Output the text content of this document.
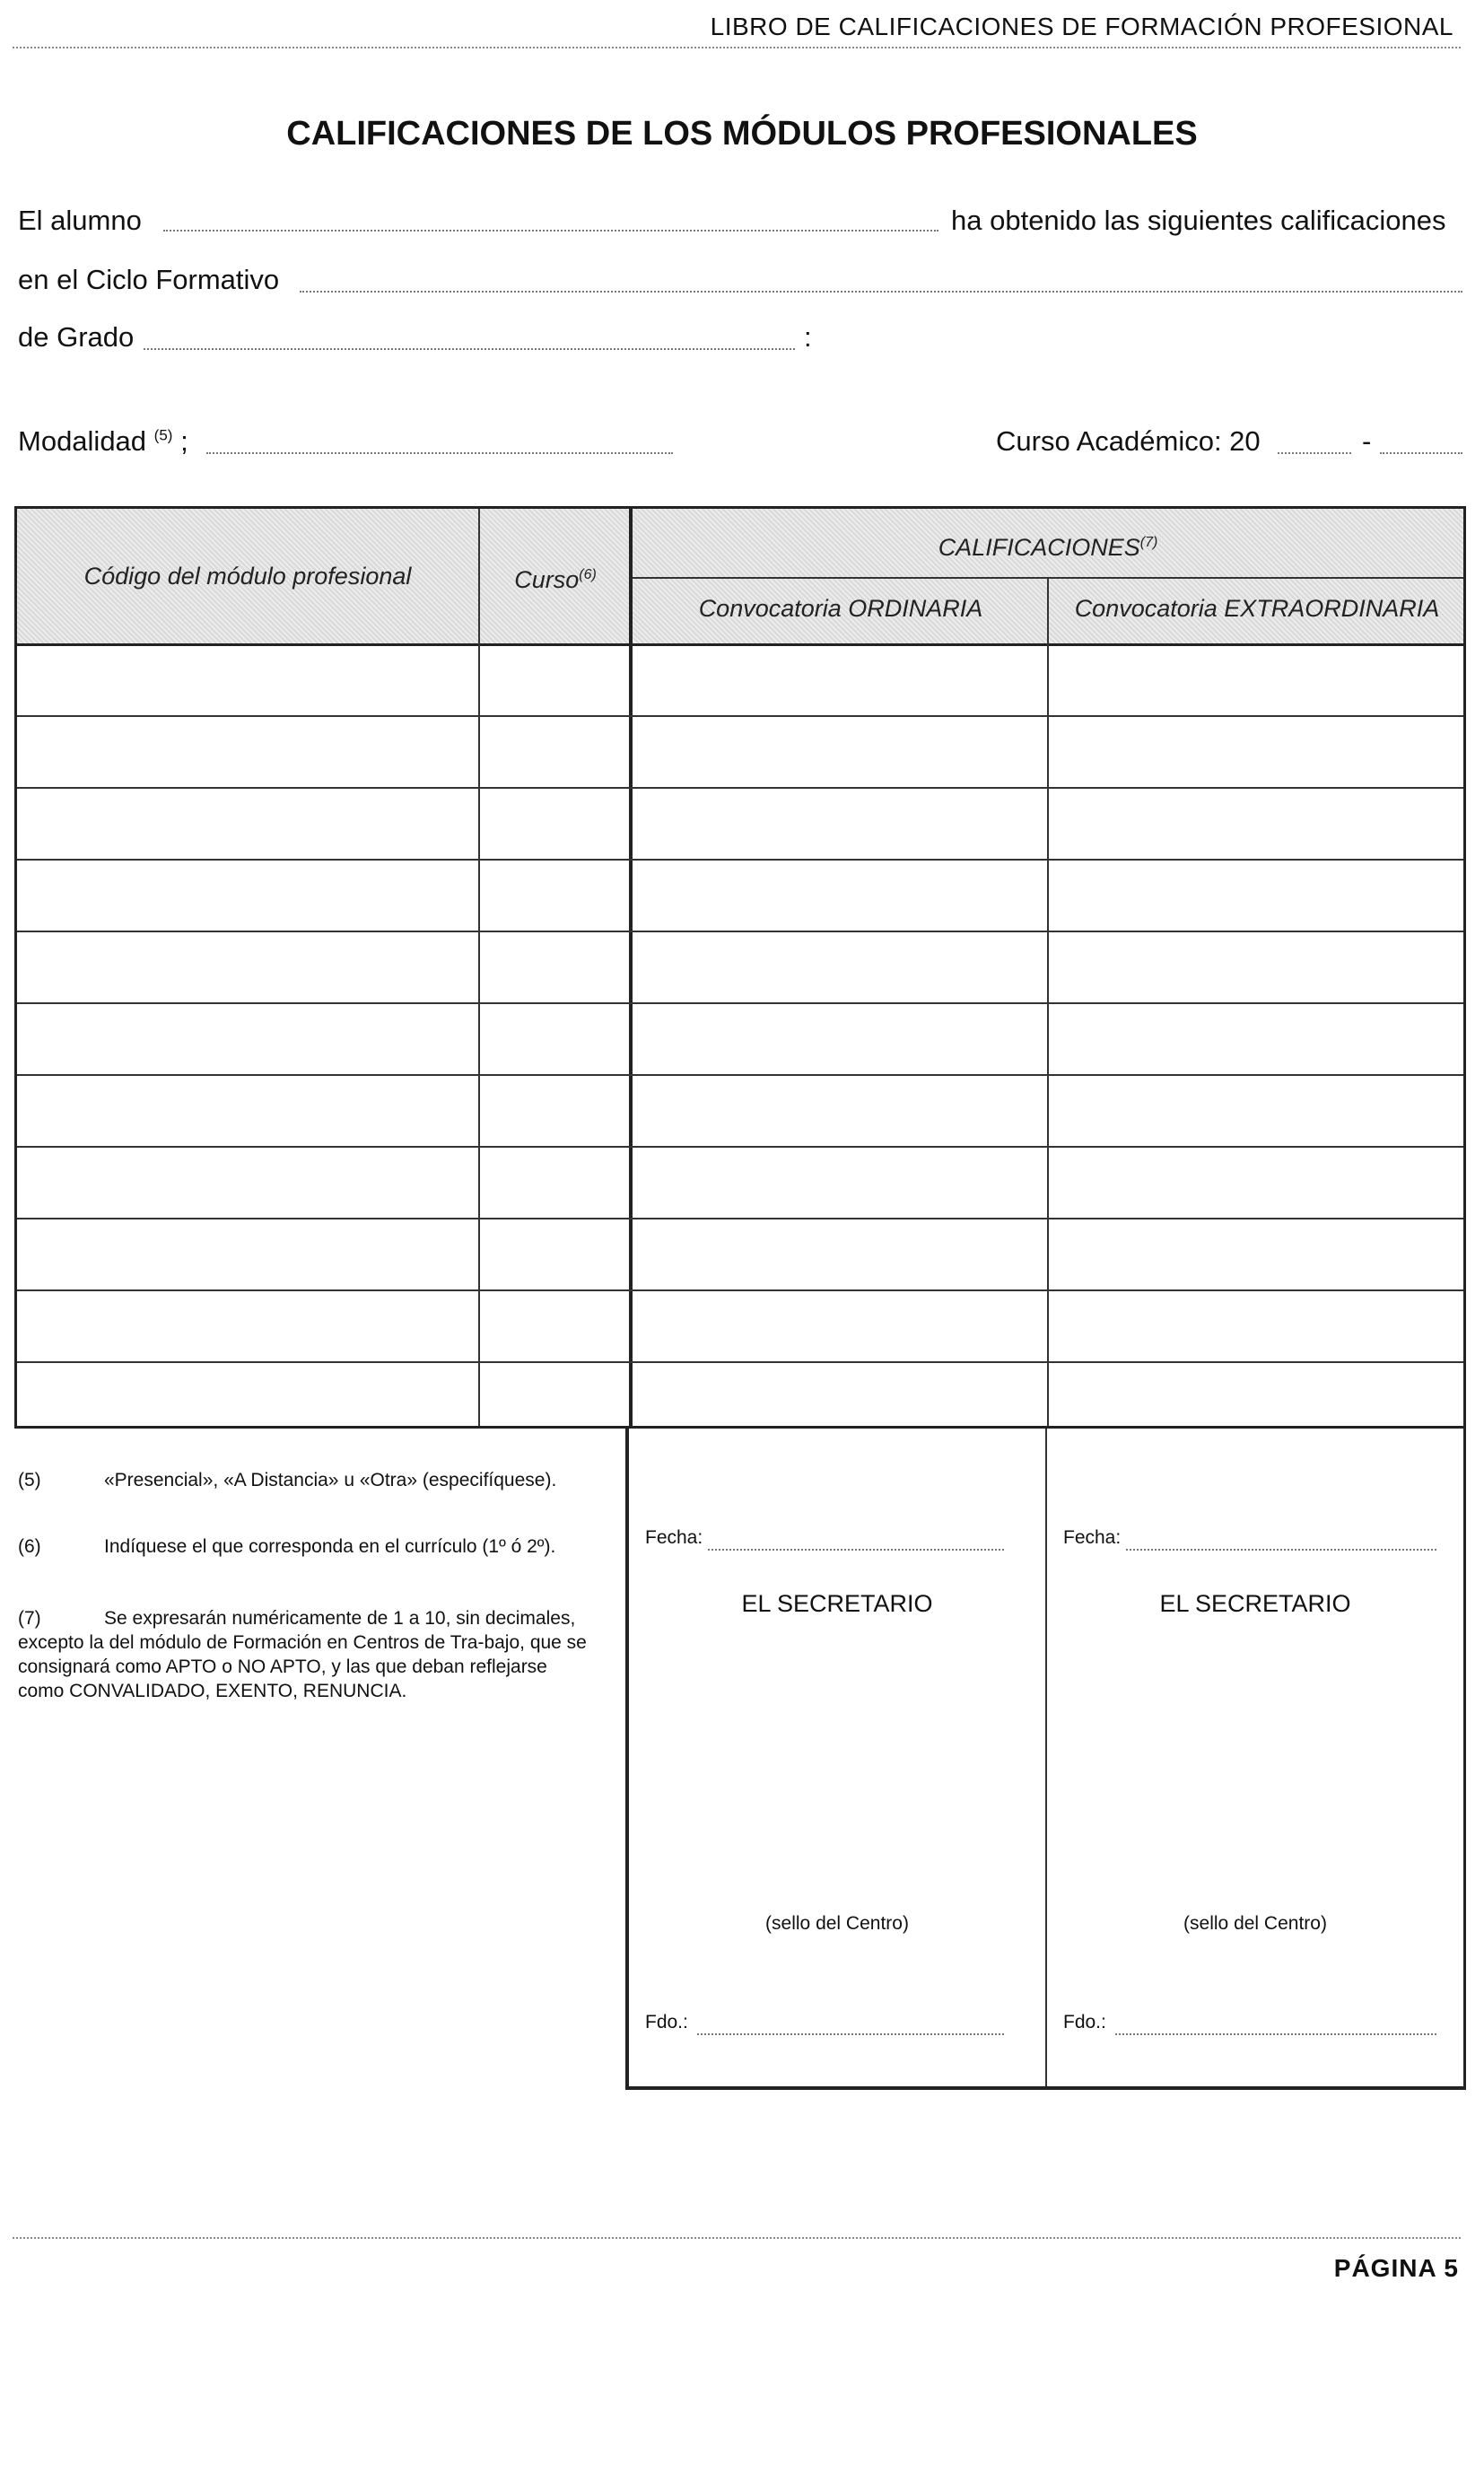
LIBRO DE CALIFICACIONES DE FORMACIÓN PROFESIONAL
CALIFICACIONES DE LOS MÓDULOS PROFESIONALES
El alumno	ha obtenido las siguientes calificaciones
en el Ciclo Formativo
de Grado	:
Modalidad $^{(5)}$ ;	Curso Académico: 20	-
Código del módulo profesional	Curso$^{(6)}$
CALIFICACIONES$^{(7)}$
Convocatoria ORDINARIA	Convocatoria EXTRAORDINARIA
(5)	«Presencial», «A Distancia» u «Otra» (especifíquese).
(6)	Indíquese el que corresponda en el currículo (1º ó 2º).
(7)	Se expresarán numéricamente de 1 a 10, sin decimales, excepto la del módulo de Formación en Centros de Tra-bajo, que se consignará como APTO o NO APTO, y las que deban reflejarse como CONVALIDADO, EXENTO, RENUNCIA.
Fecha:
EL SECRETARIO
(sello del Centro)
Fdo.:
Fecha:
EL SECRETARIO
(sello del Centro)
Fdo.:
PÁGINA 5
